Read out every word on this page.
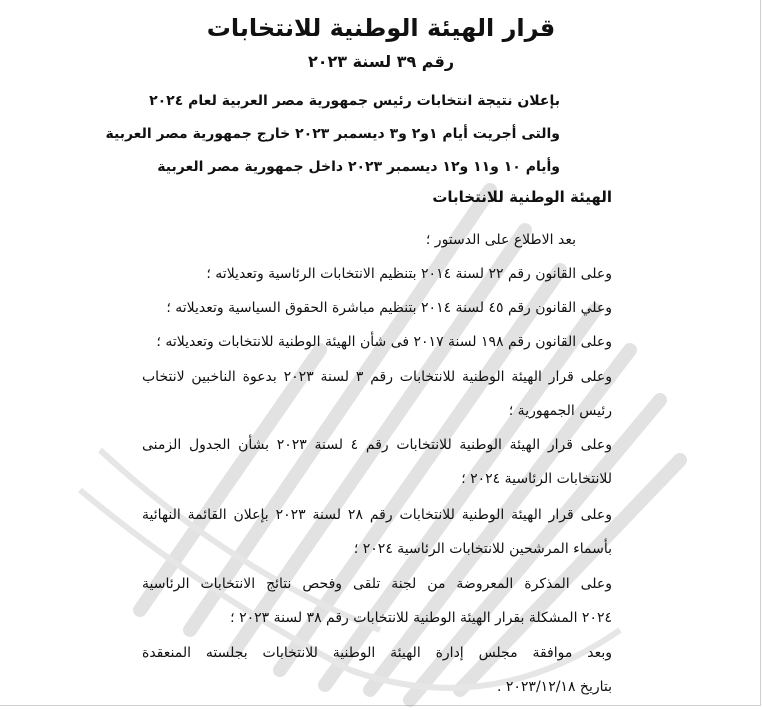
قرار الهيئة الوطنية للانتخابات
رقم ٣٩ لسنة ٢٠٢٣
بإعلان نتيجة انتخابات رئيس جمهورية مصر العربية لعام ٢٠٢٤
والتى أجريت أيام ١و٢ و٣ ديسمبر ٢٠٢٣ خارج جمهورية مصر العربية
وأيام ١٠ و١١ و١٢ ديسمبر ٢٠٢٣ داخل جمهورية مصر العربية
الهيئة الوطنية للانتخابات
بعد الاطلاع على الدستور ؛
وعلى القانون رقم ٢٢ لسنة ٢٠١٤ بتنظيم الانتخابات الرئاسية وتعديلاته ؛
وعلي القانون رقم ٤٥ لسنة ٢٠١٤ بتنظيم مباشرة الحقوق السياسية وتعديلاته ؛
وعلى القانون رقم ١٩٨ لسنة ٢٠١٧ فى شأن الهيئة الوطنية للانتخابات وتعديلاته ؛
وعلى قرار الهيئة الوطنية للانتخابات رقم ٣ لسنة ٢٠٢٣ بدعوة الناخبين لانتخاب
رئيس الجمهورية ؛
وعلى قرار الهيئة الوطنية للانتخابات رقم ٤ لسنة ٢٠٢٣ بشأن الجدول الزمنى
للانتخابات الرئاسية ٢٠٢٤ ؛
وعلى قرار الهيئة الوطنية للانتخابات رقم ٢٨ لسنة ٢٠٢٣ بإعلان القائمة النهائية
بأسماء المرشحين للانتخابات الرئاسية ٢٠٢٤ ؛
وعلى المذكرة المعروضة من لجنة تلقى وفحص نتائج الانتخابات الرئاسية
٢٠٢٤ المشكلة بقرار الهيئة الوطنية للانتخابات رقم ٣٨ لسنة ٢٠٢٣ ؛
وبعد موافقة مجلس إدارة الهيئة الوطنية للانتخابات بجلسته المنعقدة
بتاريخ ٢٠٢٣/١٢/١٨ .
